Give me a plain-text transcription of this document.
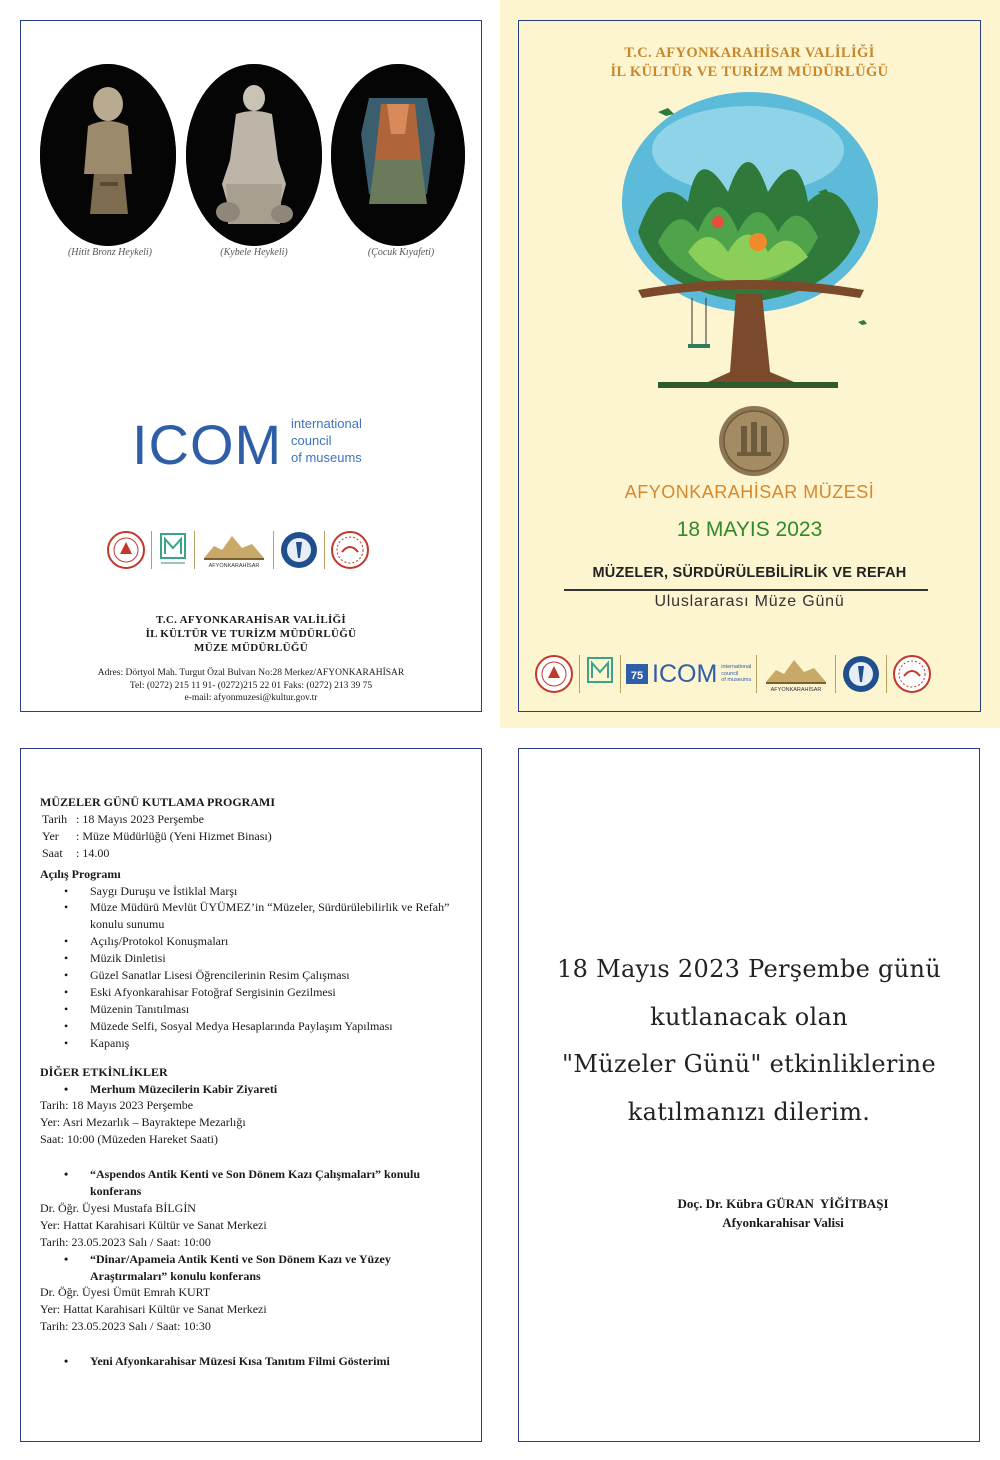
(Hitit Bronz Heykeli)	(Kybele Heykeli)	(Çocuk Kıyafeti)
ICOM international
council
of museums
AFYONKARAHİSAR
T.C. AFYONKARAHİSAR VALİLİĞİ
İL KÜLTÜR VE TURİZM MÜDÜRLÜĞÜ
MÜZE MÜDÜRLÜĞÜ
Adres: Dörtyol Mah. Turgut Özal Bulvarı No:28 Merkez/AFYONKARAHİSAR
Tel: (0272) 215 11 91- (0272)215 22 01 Faks: (0272) 213 39 75
e-mail: afyonmuzesi@kultur.gov.tr
T.C. AFYONKARAHİSAR VALİLİĞİ
İL KÜLTÜR VE TURİZM MÜDÜRLÜĞÜ
AFYONKARAHİSAR MÜZESİ
18 MAYIS 2023
MÜZELER, SÜRDÜRÜLEBİLİRLİK VE REFAH
Uluslararası Müze Günü
75 ICOM international
council
of museums
AFYONKARAHİSAR
MÜZELER GÜNÜ KUTLAMA PROGRAMI
Tarih : 18 Mayıs 2023 Perşembe
Yer	: Müze Müdürlüğü (Yeni Hizmet Binası)
Saat	: 14.00
Açılış Programı
• Saygı Duruşu ve İstiklal Marşı
• Müze Müdürü Mevlüt ÜYÜMEZ’in “Müzeler, Sürdürülebilirlik ve Refah” konulu sunumu
• Açılış/Protokol Konuşmaları
• Müzik Dinletisi
• Güzel Sanatlar Lisesi Öğrencilerinin Resim Çalışması
• Eski Afyonkarahisar Fotoğraf Sergisinin Gezilmesi
• Müzenin Tanıtılması
• Müzede Selfi, Sosyal Medya Hesaplarında Paylaşım Yapılması
• Kapanış
DİĞER ETKİNLİKLER
• Merhum Müzecilerin Kabir Ziyareti
Tarih: 18 Mayıs 2023 Perşembe
Yer: Asri Mezarlık – Bayraktepe Mezarlığı
Saat: 10:00 (Müzeden Hareket Saati)
• “Aspendos Antik Kenti ve Son Dönem Kazı Çalışmaları” konulu konferans
Dr. Öğr. Üyesi Mustafa BİLGİN
Yer: Hattat Karahisari Kültür ve Sanat Merkezi
Tarih: 23.05.2023 Salı / Saat: 10:00
• “Dinar/Apameia Antik Kenti ve Son Dönem Kazı ve Yüzey Araştırmaları” konulu konferans
Dr. Öğr. Üyesi Ümüt Emrah KURT
Yer: Hattat Karahisari Kültür ve Sanat Merkezi
Tarih: 23.05.2023 Salı / Saat: 10:30
• Yeni Afyonkarahisar Müzesi Kısa Tanıtım Filmi Gösterimi
18 Mayıs 2023 Perşembe günü
kutlanacak olan
"Müzeler Günü" etkinliklerine
katılmanızı dilerim.
Doç. Dr. Kübra GÜRAN  YİĞİTBAŞI
Afyonkarahisar Valisi
